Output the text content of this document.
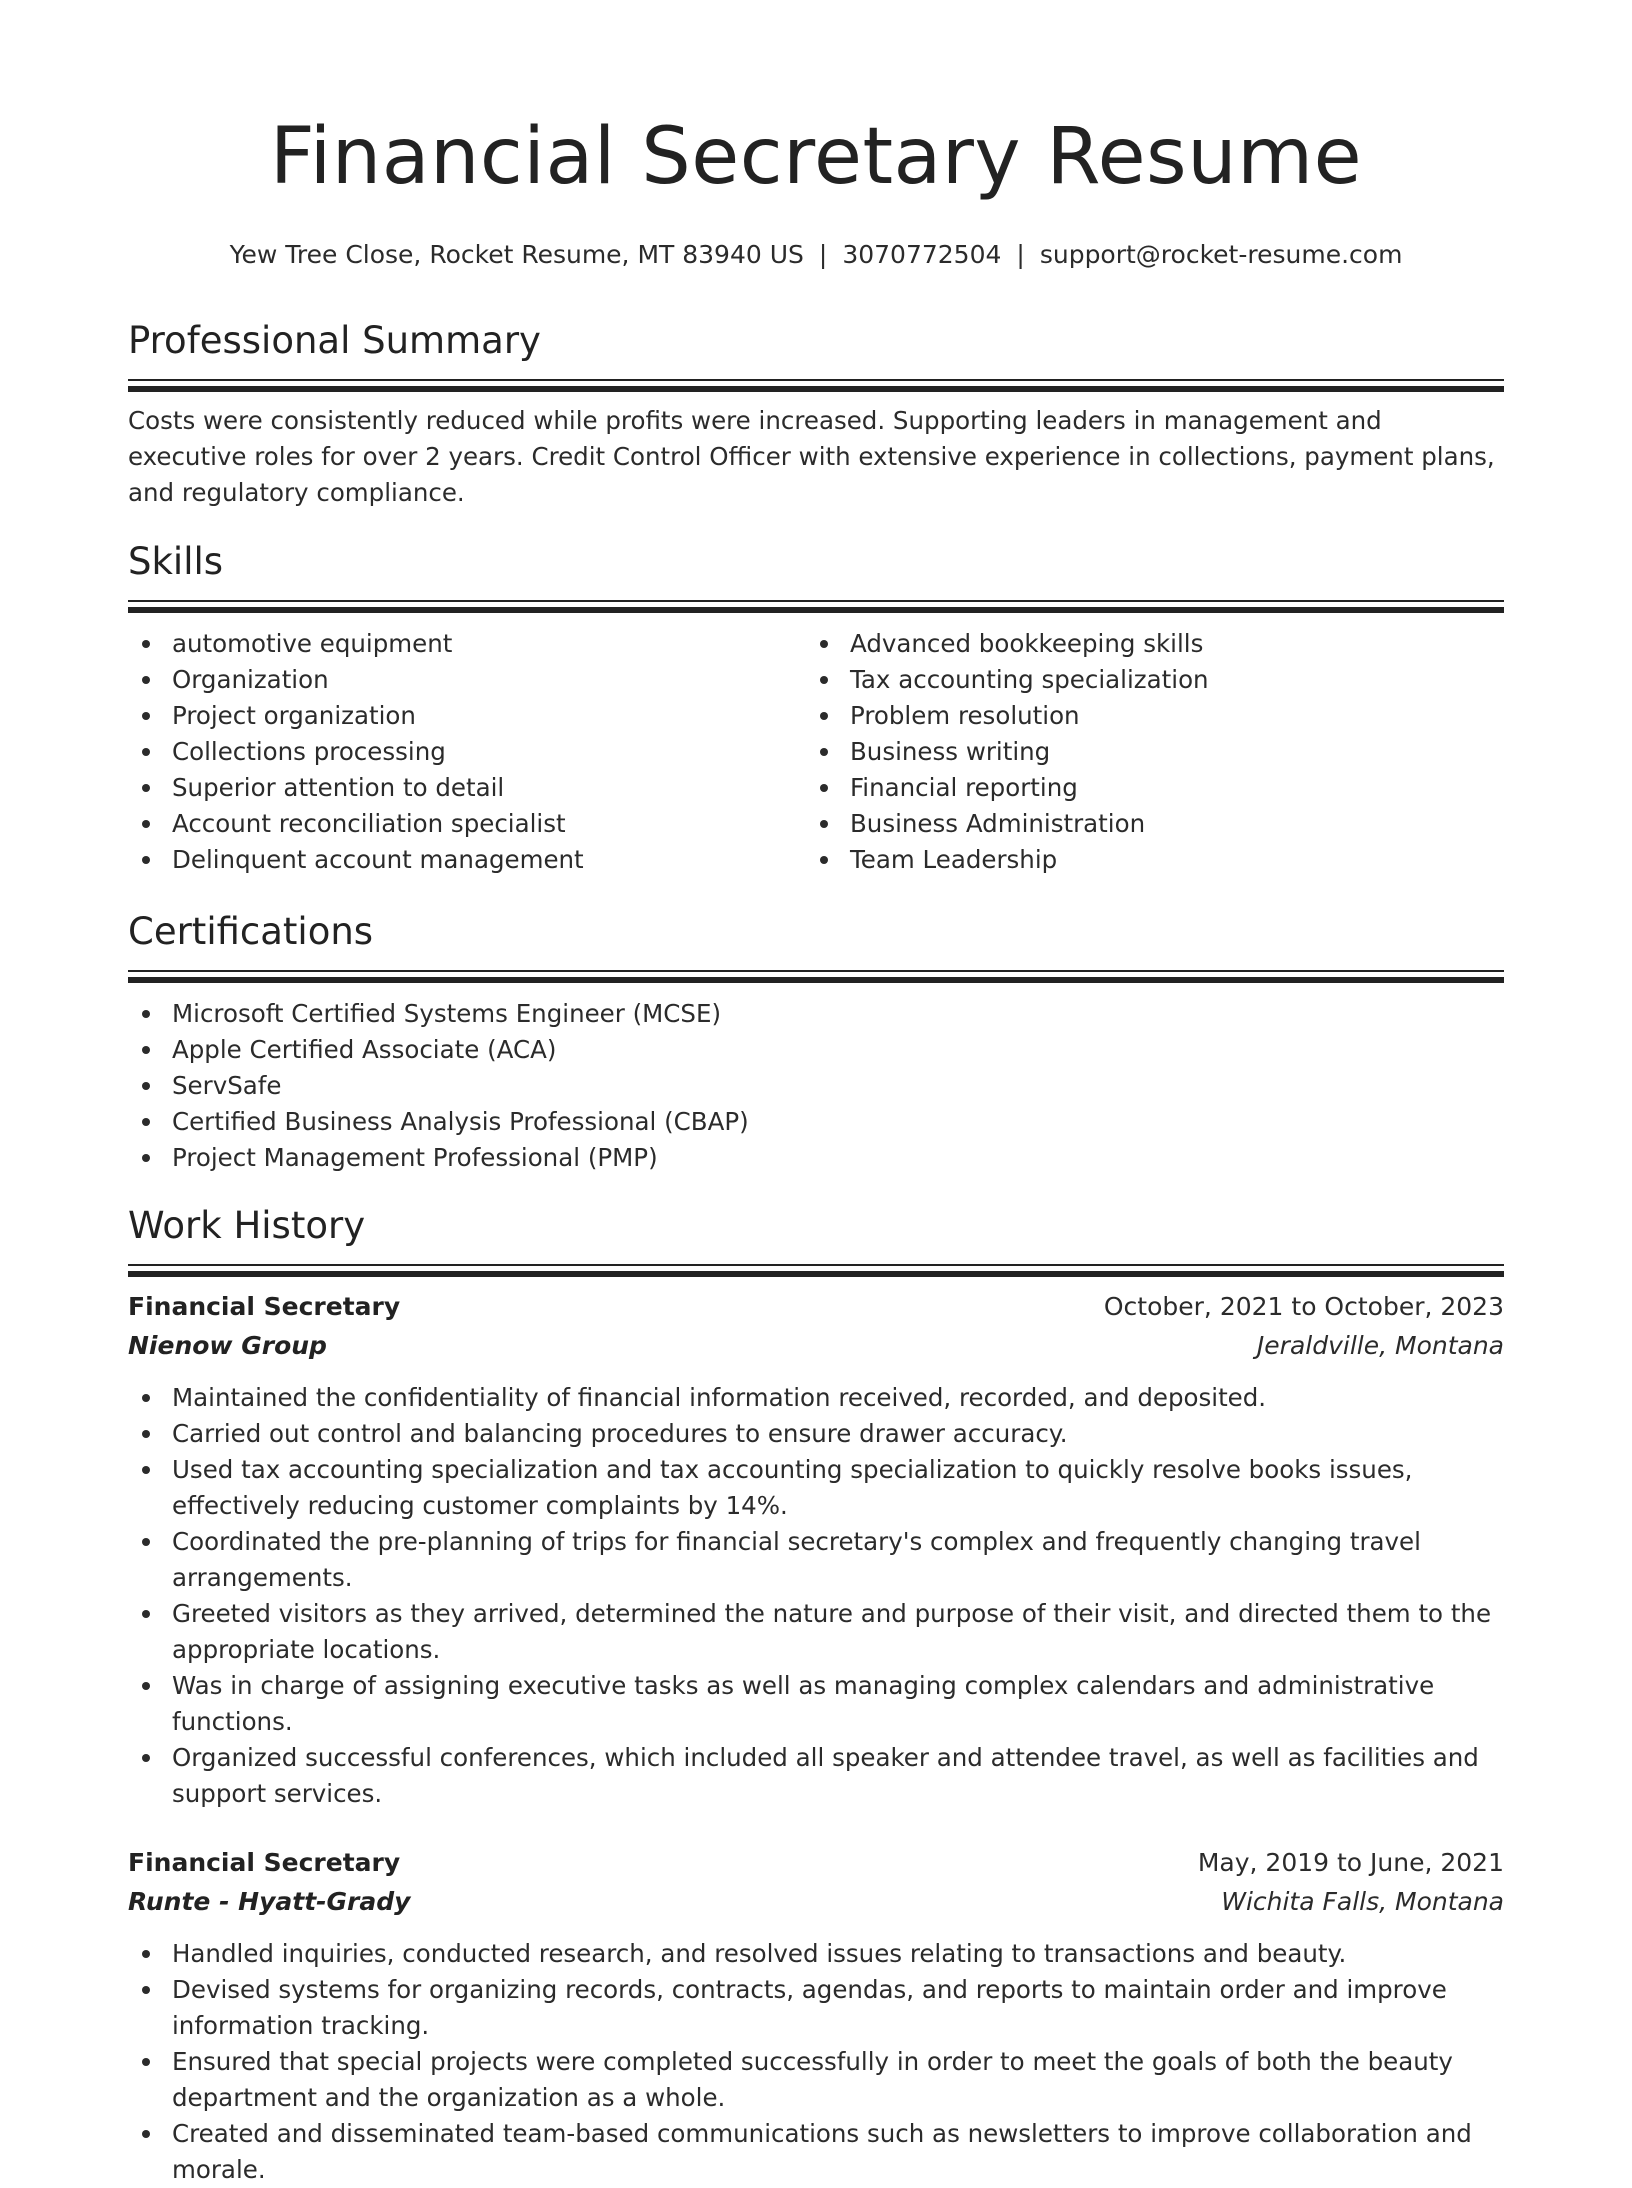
Financial Secretary Resume
Yew Tree Close, Rocket Resume, MT 83940 US | 3070772504 | support@rocket-resume.com
Professional Summary

Costs were consistently reduced while profits were increased. Supporting leaders in management and executive roles for over 2 years. Credit Control Officer with extensive experience in collections, payment plans, and regulatory compliance.

Skills
automotive equipment
Organization
Project organization
Collections processing
Superior attention to detail
Account reconciliation specialist
Delinquent account management
Advanced bookkeeping skills
Tax accounting specialization
Problem resolution
Business writing
Financial reporting
Business Administration
Team Leadership
Certifications
Microsoft Certified Systems Engineer (MCSE)
Apple Certified Associate (ACA)
ServSafe
Certified Business Analysis Professional (CBAP)
Project Management Professional (PMP)
Work History
Financial Secretary	October, 2021 to October, 2023
Nienow Group	Jeraldville, Montana
Maintained the confidentiality of financial information received, recorded, and deposited.
Carried out control and balancing procedures to ensure drawer accuracy.
Used tax accounting specialization and tax accounting specialization to quickly resolve books issues, effectively reducing customer complaints by 14%.
Coordinated the pre-planning of trips for financial secretary's complex and frequently changing travel arrangements.
Greeted visitors as they arrived, determined the nature and purpose of their visit, and directed them to the appropriate locations.
Was in charge of assigning executive tasks as well as managing complex calendars and administrative functions.
Organized successful conferences, which included all speaker and attendee travel, as well as facilities and support services.
Financial Secretary	May, 2019 to June, 2021
Runte - Hyatt-Grady	Wichita Falls, Montana
Handled inquiries, conducted research, and resolved issues relating to transactions and beauty.
Devised systems for organizing records, contracts, agendas, and reports to maintain order and improve information tracking.
Ensured that special projects were completed successfully in order to meet the goals of both the beauty department and the organization as a whole.
Created and disseminated team-based communications such as newsletters to improve collaboration and morale.
